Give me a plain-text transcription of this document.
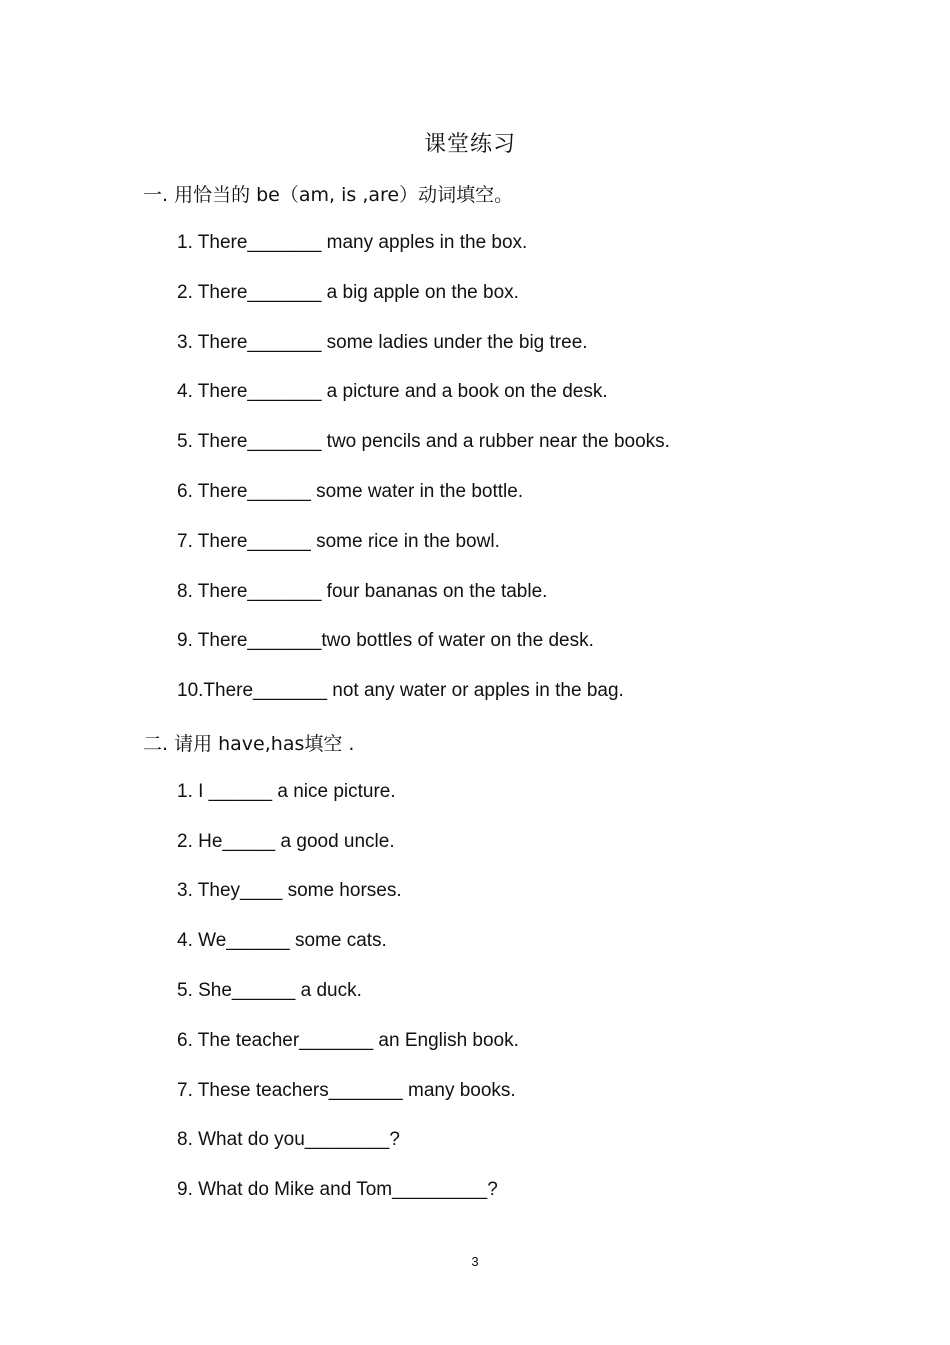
课堂练习
一. 用恰当的 be（am, is ,are）动词填空。
1. There_______ many apples in the box.
2. There_______ a big apple on the box.
3. There_______ some ladies under the big tree.
4. There_______ a picture and a book on the desk.
5. There_______ two pencils and a rubber near the books.
6. There______ some water in the bottle.
7. There______ some rice in the bowl.
8. There_______ four bananas on the table.
9. There_______two bottles of water on the desk.
10.There_______ not any water or apples in the bag.
二. 请用 have,has填空 .
1. I ______ a nice picture.
2. He_____ a good uncle.
3. They____ some horses.
4. We______ some cats.
5. She______ a duck.
6. The teacher_______ an English book.
7. These teachers_______ many books.
8. What do you________?
9. What do Mike and Tom_________?
3
